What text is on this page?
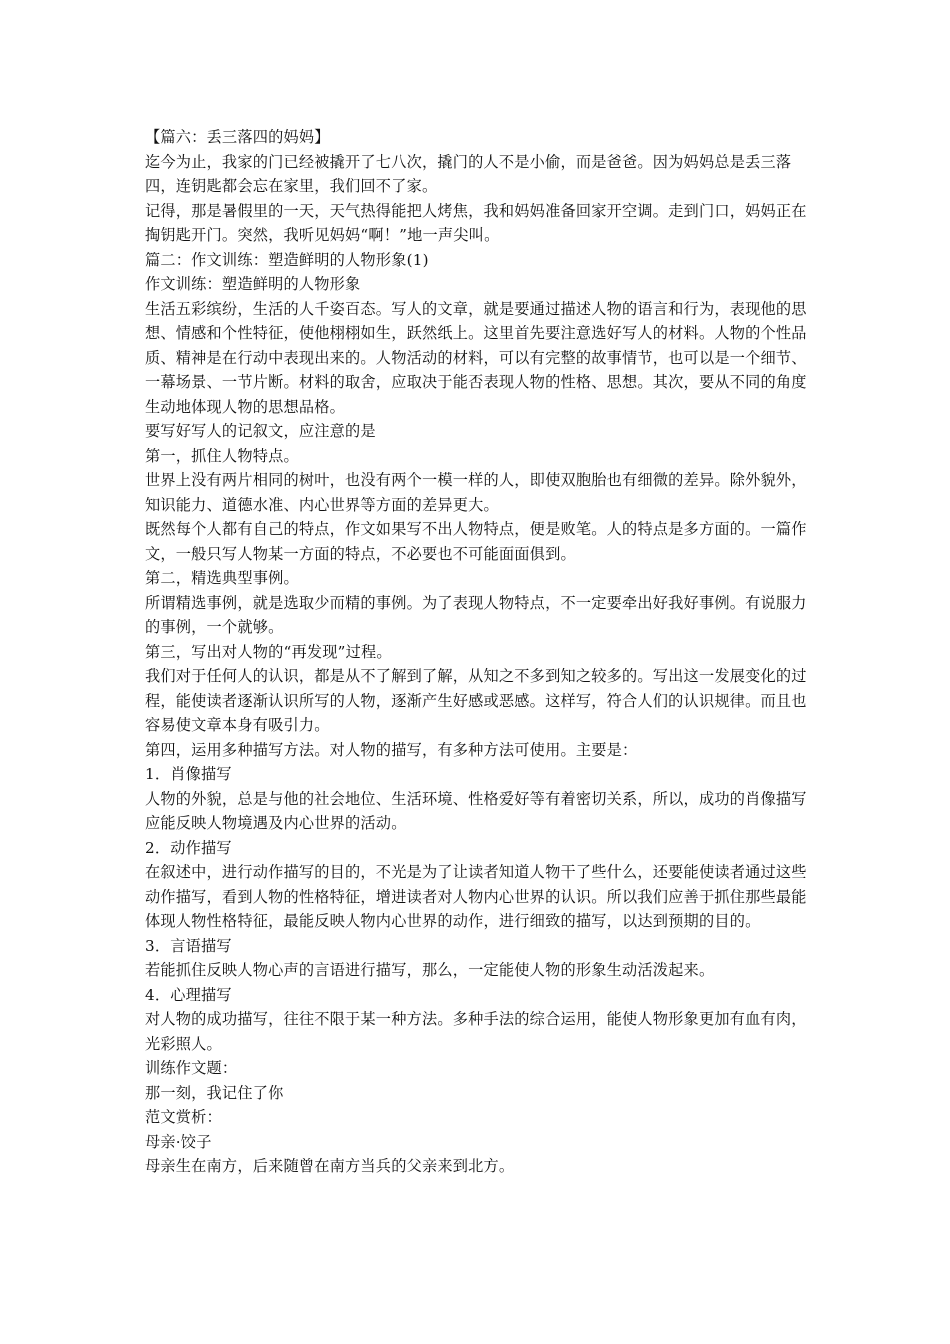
【篇六：丢三落四的妈妈】

迄今为止，我家的门已经被撬开了七八次，撬门的人不是小偷，而是爸爸。因为妈妈总是丢三落四，连钥匙都会忘在家里，我们回不了家。

记得，那是暑假里的一天，天气热得能把人烤焦，我和妈妈准备回家开空调。走到门口，妈妈正在掏钥匙开门。突然，我听见妈妈“啊！”地一声尖叫。

篇二：作文训练：塑造鲜明的人物形象(1)

作文训练：塑造鲜明的人物形象

生活五彩缤纷，生活的人千姿百态。写人的文章，就是要通过描述人物的语言和行为，表现他的思想、情感和个性特征，使他栩栩如生，跃然纸上。这里首先要注意选好写人的材料。人物的个性品质、精神是在行动中表现出来的。人物活动的材料，可以有完整的故事情节，也可以是一个细节、一幕场景、一节片断。材料的取舍，应取决于能否表现人物的性格、思想。其次，要从不同的角度生动地体现人物的思想品格。

要写好写人的记叙文，应注意的是

第一，抓住人物特点。

世界上没有两片相同的树叶，也没有两个一模一样的人，即使双胞胎也有细微的差异。除外貌外，知识能力、道德水准、内心世界等方面的差异更大。

既然每个人都有自己的特点，作文如果写不出人物特点，便是败笔。人的特点是多方面的。一篇作文，一般只写人物某一方面的特点，不必要也不可能面面俱到。

第二，精选典型事例。

所谓精选事例，就是选取少而精的事例。为了表现人物特点，不一定要牵出好我好事例。有说服力的事例，一个就够。

第三，写出对人物的“再发现”过程。

我们对于任何人的认识，都是从不了解到了解，从知之不多到知之较多的。写出这一发展变化的过程，能使读者逐渐认识所写的人物，逐渐产生好感或恶感。这样写，符合人们的认识规律。而且也容易使文章本身有吸引力。

第四，运用多种描写方法。对人物的描写，有多种方法可使用。主要是：

1．肖像描写

人物的外貌，总是与他的社会地位、生活环境、性格爱好等有着密切关系，所以，成功的肖像描写应能反映人物境遇及内心世界的活动。

2．动作描写

在叙述中，进行动作描写的目的，不光是为了让读者知道人物干了些什么，还要能使读者通过这些动作描写，看到人物的性格特征，增进读者对人物内心世界的认识。所以我们应善于抓住那些最能体现人物性格特征，最能反映人物内心世界的动作，进行细致的描写，以达到预期的目的。

3．言语描写

若能抓住反映人物心声的言语进行描写，那么，一定能使人物的形象生动活泼起来。

4．心理描写

对人物的成功描写，往往不限于某一种方法。多种手法的综合运用，能使人物形象更加有血有肉，光彩照人。

训练作文题：

那一刻，我记住了你

范文赏析：

母亲·饺子

母亲生在南方，后来随曾在南方当兵的父亲来到北方。
